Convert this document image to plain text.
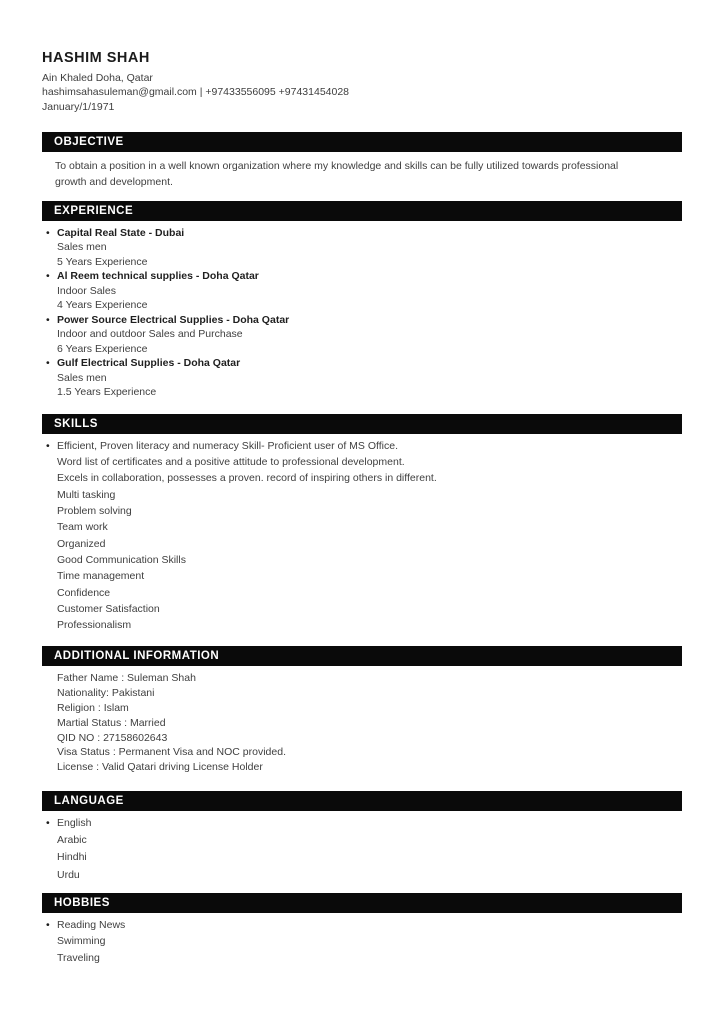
HASHIM SHAH
Ain Khaled Doha, Qatar
hashimsahasuleman@gmail.com | +97433556095 +97431454028
January/1/1971
OBJECTIVE
To obtain a position in a well known organization where my knowledge and skills can be fully utilized towards professional growth and development.
EXPERIENCE
• Capital Real State - Dubai
Sales men
5 Years Experience
• Al Reem technical supplies - Doha Qatar
Indoor Sales
4 Years Experience
• Power Source Electrical Supplies - Doha Qatar
Indoor and outdoor Sales and Purchase
6 Years Experience
• Gulf Electrical Supplies - Doha Qatar
Sales men
1.5 Years Experience
SKILLS
• Efficient, Proven literacy and numeracy Skill- Proficient user of MS Office.
Word list of certificates and a positive attitude to professional development.
Excels in collaboration, possesses a proven. record of inspiring others in different.
Multi tasking
Problem solving
Team work
Organized
Good Communication Skills
Time management
Confidence
Customer Satisfaction
Professionalism
ADDITIONAL INFORMATION
Father Name : Suleman Shah
Nationality: Pakistani
Religion : Islam
Martial Status : Married
QID NO : 27158602643
Visa Status : Permanent Visa and NOC provided.
License : Valid Qatari driving License Holder
LANGUAGE
• English
Arabic
Hindhi
Urdu
HOBBIES
• Reading News
Swimming
Traveling
